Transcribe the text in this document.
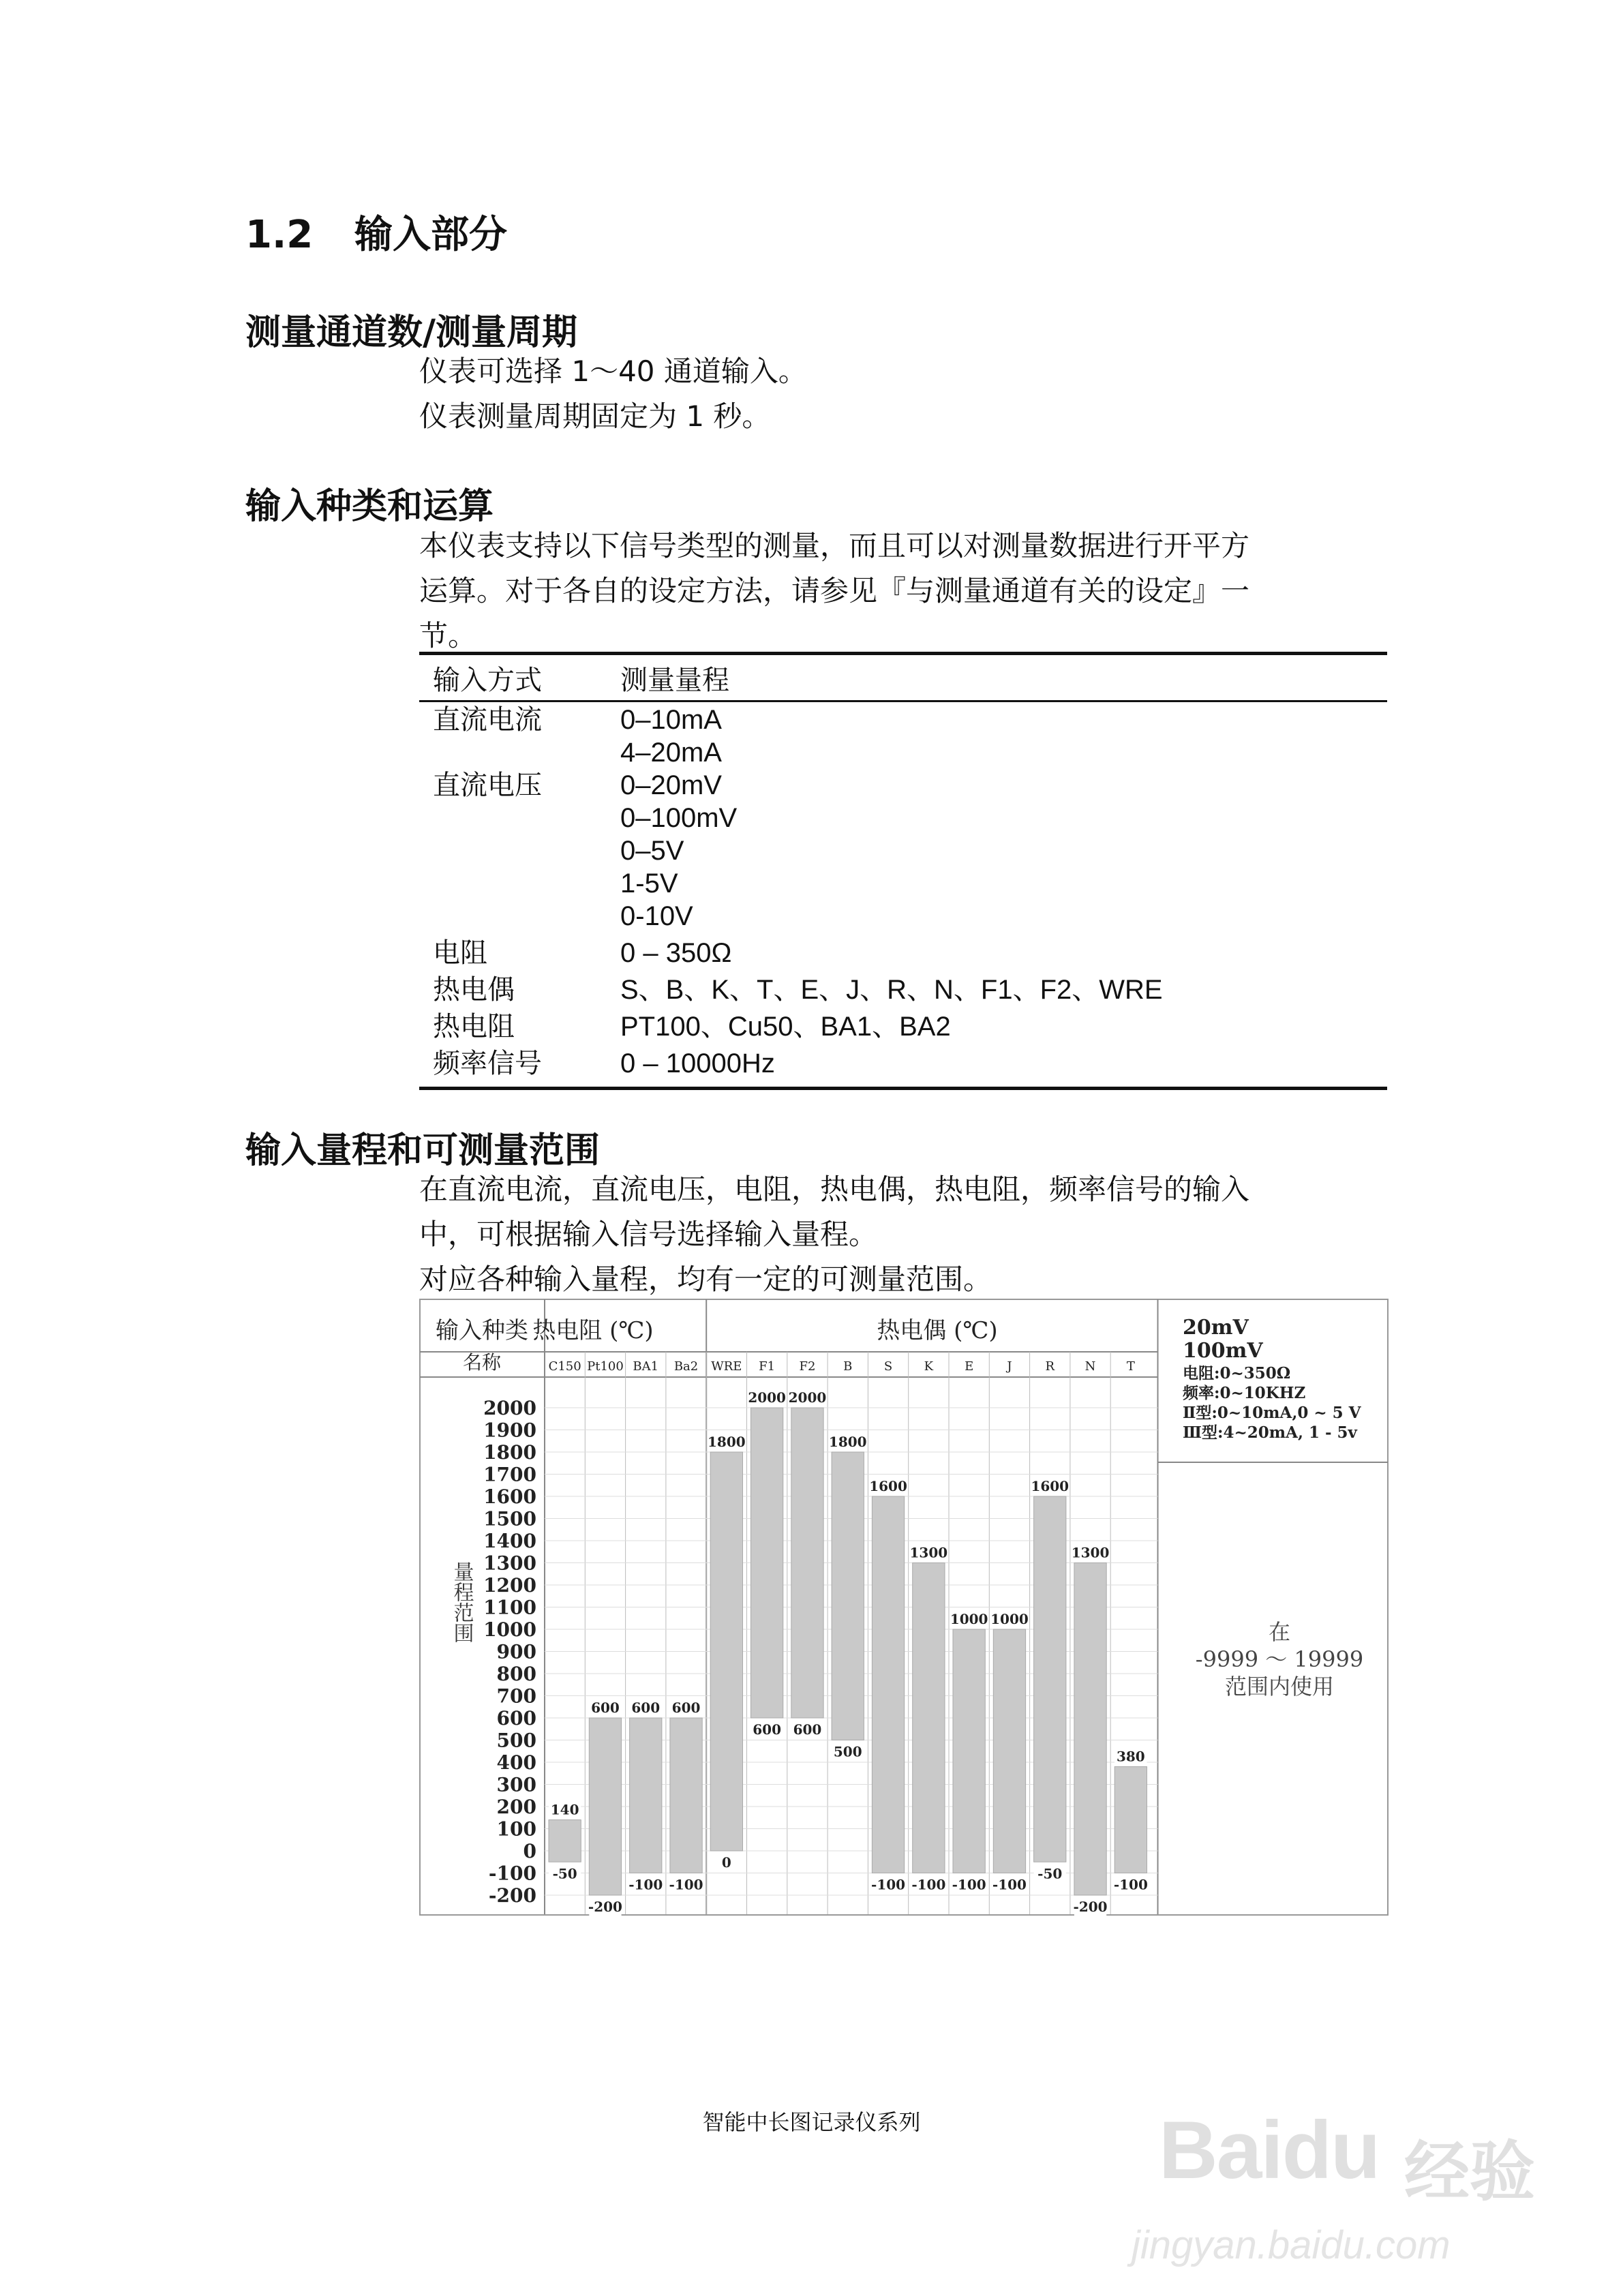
1.2 输入部分
测量通道数/测量周期

仪表可选择 1～40 通道输入。

仪表测量周期固定为 1 秒。

输入种类和运算

本仪表支持以下信号类型的测量，而且可以对测量数据进行开平方

运算。对于各自的设定方法，请参见『与测量通道有关的设定』一

节。

输入方式	测量量程
直流电流	0–10mA
4–20mA
直流电压	0–20mV
0–100mV
0–5V
1-5V
0-10V
电阻	0 – 350Ω
热电偶	S、B、K、T、E、J、R、N、F1、F2、WRE
热电阻	PT100、Cu50、BA1、BA2
频率信号	0 – 10000Hz
输入量程和可测量范围

在直流电流，直流电压，电阻，热电偶，热电阻，频率信号的输入

中，可根据输入信号选择输入量程。

对应各种输入量程，均有一定的可测量范围。

2000
1900
1800
1700
1600
1500
1400
1300
1200
1100
1000
900
800
700
600
500
400
300
200
100
0
-100
-200
C150
140
-50
Pt100
600
-200
BA1
600
-100
Ba2
600
-100
WRE
1800
0
F1
2000
600
F2
2000
600
B
1800
500
S
1600
-100
K
1300
-100
E
1000
-100
J
1000
-100
R
1600
-50
N
1300
-200
T
380
-100
输入种类 热电阻 (℃)	热电偶 (℃)
名称
20mV
100mV
电阻:0~350Ω
频率:0~10KHZ
Ⅱ型:0~10mA,0 ~ 5 V
Ⅲ型:4~20mA, 1 - 5v
在
-9999 ～ 19999
范围内使用
量程范围
智能中长图记录仪系列	Baidu 经验
jingyan.baidu.com
